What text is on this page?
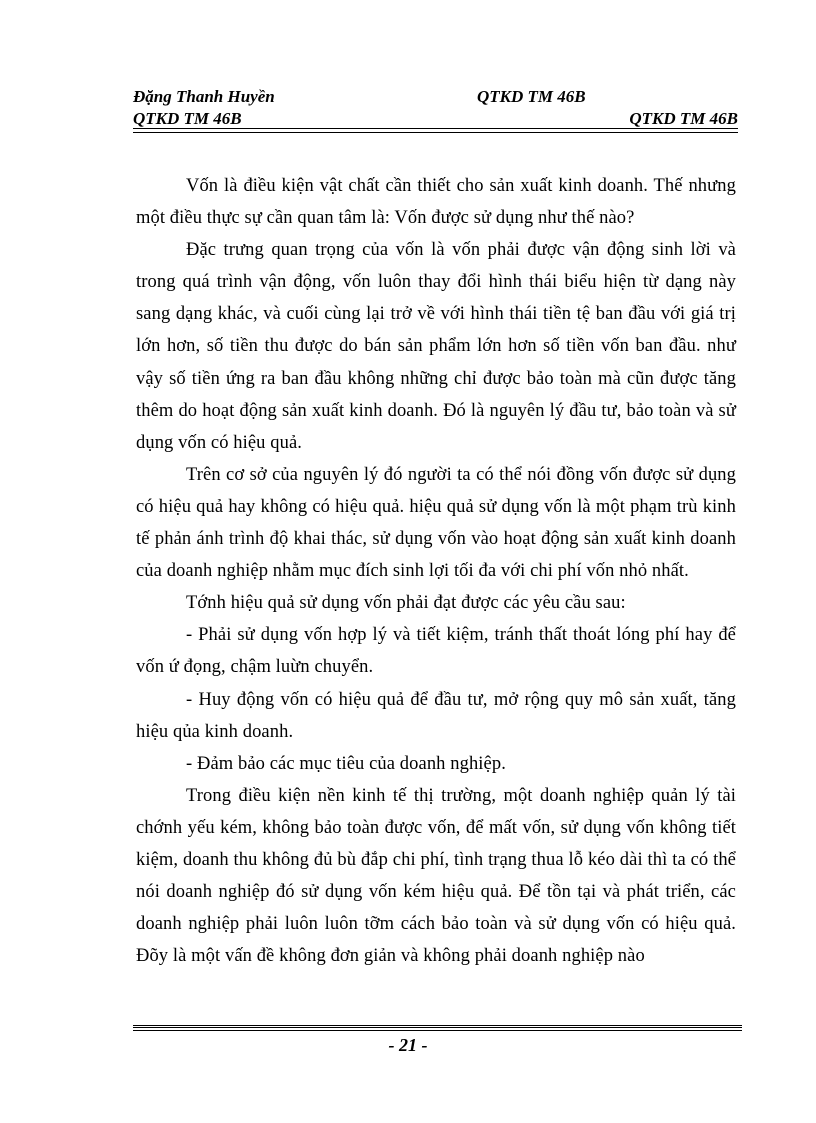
Đặng Thanh Huyền	QTKD TM 46B
QTKD TM 46B	QTKD TM 46B

Vốn là điều kiện vật chất cần thiết cho sản xuất kinh doanh. Thế nhưng một điều thực sự cần quan tâm là: Vốn được sử dụng như thế nào?

Đặc trưng quan trọng của vốn là vốn phải được vận động sinh lời và trong quá trình vận động, vốn luôn thay đổi hình thái biểu hiện từ dạng này sang dạng khác, và cuối cùng lại trở về với hình thái tiền tệ ban đầu với giá trị lớn hơn, số tiền thu được do bán sản phẩm lớn hơn số tiền vốn ban đầu. như vậy số tiền ứng ra ban đầu không những chỉ được bảo toàn mà cũn được tăng thêm do hoạt động sản xuất kinh doanh. Đó là nguyên lý đầu tư, bảo toàn và sử dụng vốn có hiệu quả.

Trên cơ sở của nguyên lý đó người ta có thể nói đồng vốn được sử dụng có hiệu quả hay không có hiệu quả. hiệu quả sử dụng vốn là một phạm trù kinh tế phản ánh trình độ khai thác, sử dụng vốn vào hoạt động sản xuất kinh doanh của doanh nghiệp nhằm mục đích sinh lợi tối đa với chi phí vốn nhỏ nhất.

Tớnh hiệu quả sử dụng vốn phải đạt được các yêu cầu sau:

- Phải sử dụng vốn hợp lý và tiết kiệm, tránh thất thoát lóng phí hay để vốn ứ đọng, chậm luừn chuyển.

- Huy động vốn có hiệu quả để đầu tư, mở rộng quy mô sản xuất, tăng hiệu qủa kinh doanh.

- Đảm bảo các mục tiêu của doanh nghiệp.

Trong điều kiện nền kinh tế thị trường, một doanh nghiệp quản lý tài chớnh yếu kém, không bảo toàn được vốn, để mất vốn, sử dụng vốn không tiết kiệm, doanh thu không đủ bù đắp chi phí, tình trạng thua lỗ kéo dài thì ta có thể nói doanh nghiệp đó sử dụng vốn kém hiệu quả. Để tồn tại và phát triển, các doanh nghiệp phải luôn luôn tỡm cách bảo toàn và sử dụng vốn có hiệu quả. Đõy là một vấn đề không đơn giản và không phải doanh nghiệp nào

- 21 -
